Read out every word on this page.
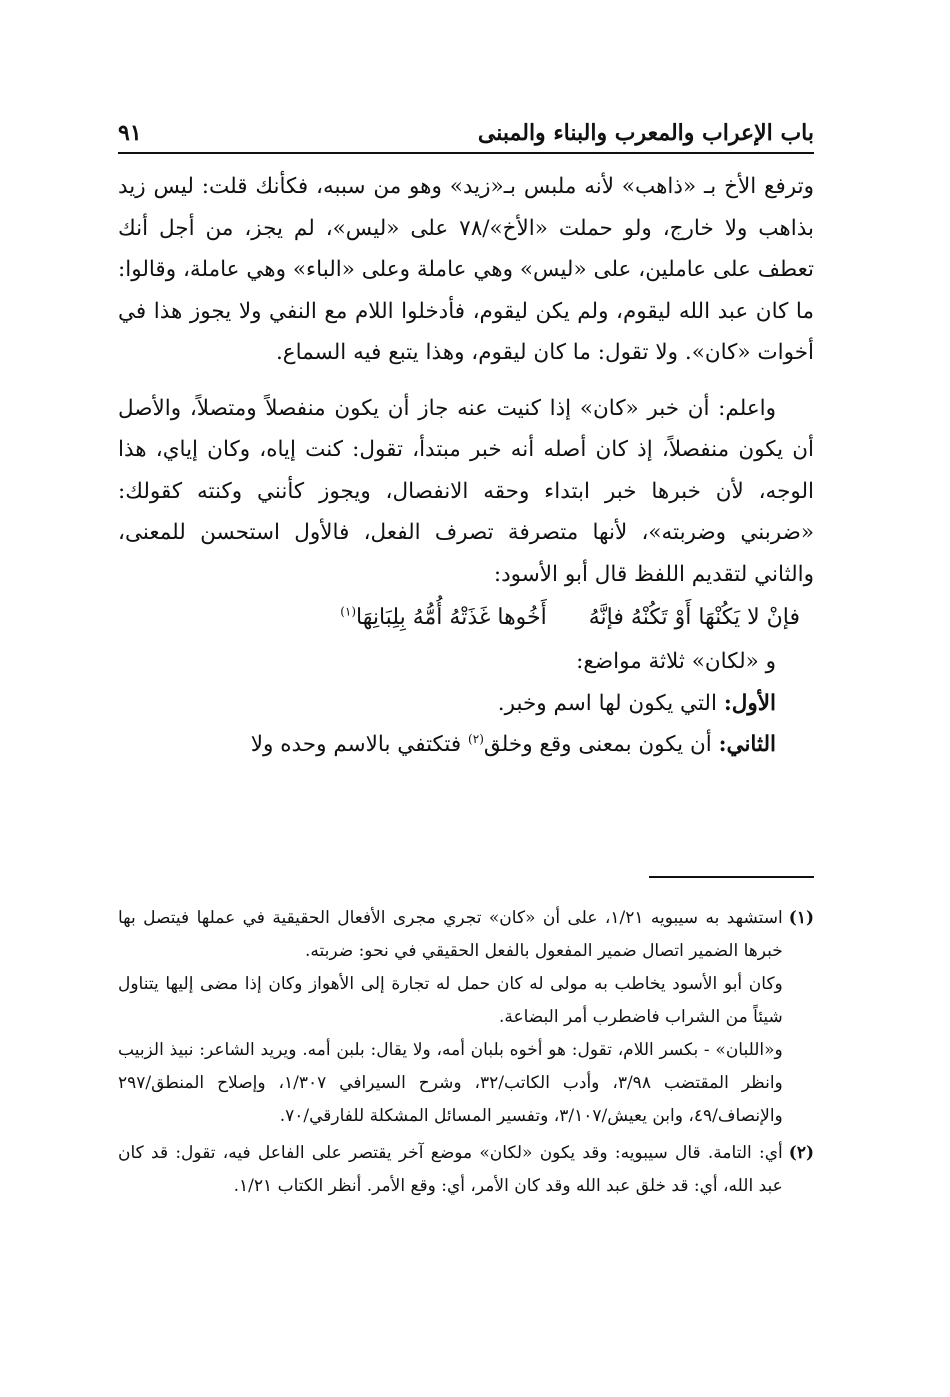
باب الإعراب والمعرب والبناء والمبنى
٩١

وترفع الأخ بـ «ذاهب» لأنه ملبس بـ«زيد» وهو من سببه، فكأنك قلت: ليس زيد بذاهب ولا خارج، ولو حملت «الأخ»/٧٨ على «ليس»، لم يجز، من أجل أنك تعطف على عاملين، على «ليس» وهي عاملة وعلى «الباء» وهي عاملة، وقالوا: ما كان عبد الله ليقوم، ولم يكن ليقوم، فأدخلوا اللام مع النفي ولا يجوز هذا في أخوات «كان». ولا تقول: ما كان ليقوم، وهذا يتبع فيه السماع.

واعلم: أن خبر «كان» إذا كنيت عنه جاز أن يكون منفصلاً ومتصلاً، والأصل أن يكون منفصلاً، إذ كان أصله أنه خبر مبتدأ، تقول: كنت إياه، وكان إياي، هذا الوجه، لأن خبرها خبر ابتداء وحقه الانفصال، ويجوز كأنني وكنته كقولك: «ضربني وضربته»، لأنها متصرفة تصرف الفعل، فالأول استحسن للمعنى، والثاني لتقديم اللفظ قال أبو الأسود:

فإنْ لا يَكُنْهَا أَوْ تَكُنْهُ فإنَّهُأَخُوها غَذَتْهُ أُمُّهُ بِلِبَانِهَا$^{(١)}$

و «لكان» ثلاثة مواضع:

الأول: التي يكون لها اسم وخبر.

الثاني: أن يكون بمعنى وقع وخلق$^{(٢)}$ فتكتفي بالاسم وحده ولا

(١)

استشهد به سيبويه ١/٢١، على أن «كان» تجري مجرى الأفعال الحقيقية في عملها فيتصل بها خبرها الضمير اتصال ضمير المفعول بالفعل الحقيقي في نحو: ضربته.

وكان أبو الأسود يخاطب به مولى له كان حمل له تجارة إلى الأهواز وكان إذا مضى إليها يتناول شيئاً من الشراب فاضطرب أمر البضاعة.

و«اللبان» - بكسر اللام، تقول: هو أخوه بلبان أمه، ولا يقال: بلبن أمه. ويريد الشاعر: نبيذ الزبيب وانظر المقتضب ٣/٩٨، وأدب الكاتب/٣٢، وشرح السيرافي ١/٣٠٧، وإصلاح المنطق/٢٩٧ والإنصاف/٤٩، وابن يعيش/٣/١٠٧، وتفسير المسائل المشكلة للفارقي/٧٠.

(٢)

أي: التامة. قال سيبويه: وقد يكون «لكان» موضع آخر يقتصر على الفاعل فيه، تقول: قد كان عبد الله، أي: قد خلق عبد الله وقد كان الأمر، أي: وقع الأمر. أنظر الكتاب ١/٢١.
